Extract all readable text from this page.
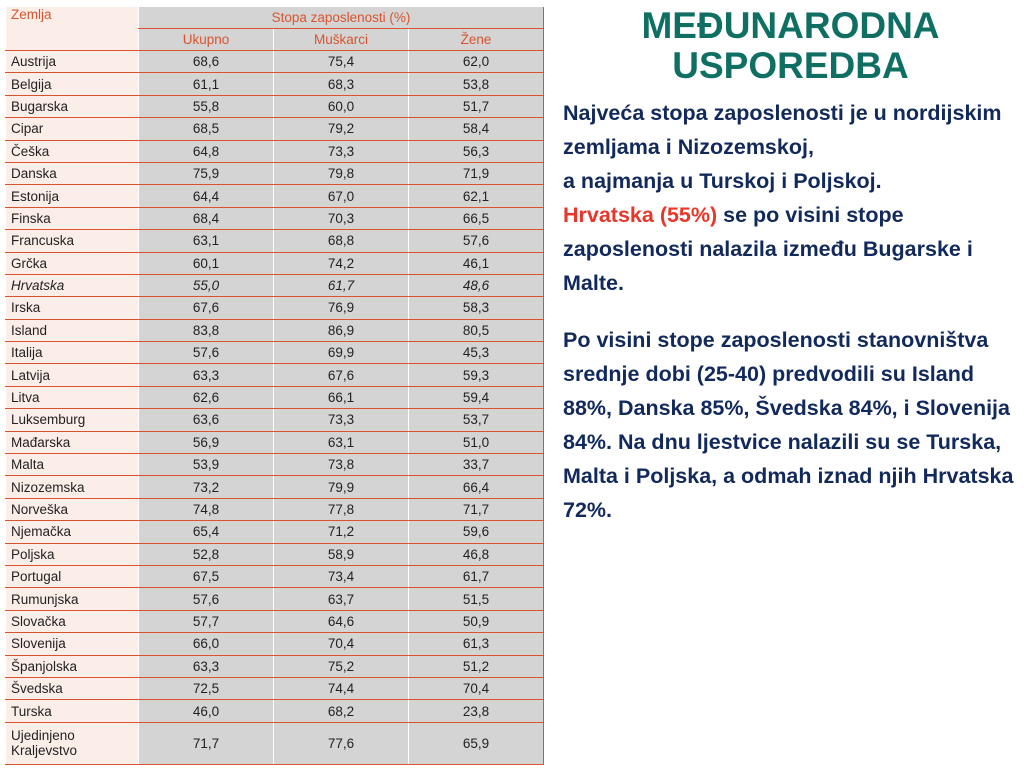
Zemlja	Stopa zaposlenosti (%)		
	Ukupno	Muškarci	Žene
Austrija	68,6	75,4	62,0
Belgija	61,1	68,3	53,8
Bugarska	55,8	60,0	51,7
Cipar	68,5	79,2	58,4
Češka	64,8	73,3	56,3
Danska	75,9	79,8	71,9
Estonija	64,4	67,0	62,1
Finska	68,4	70,3	66,5
Francuska	63,1	68,8	57,6
Grčka	60,1	74,2	46,1
Hrvatska	55,0	61,7	48,6
Irska	67,6	76,9	58,3
Island	83,8	86,9	80,5
Italija	57,6	69,9	45,3
Latvija	63,3	67,6	59,3
Litva	62,6	66,1	59,4
Luksemburg	63,6	73,3	53,7
Mađarska	56,9	63,1	51,0
Malta	53,9	73,8	33,7
Nizozemska	73,2	79,9	66,4
Norveška	74,8	77,8	71,7
Njemačka	65,4	71,2	59,6
Poljska	52,8	58,9	46,8
Portugal	67,5	73,4	61,7
Rumunjska	57,6	63,7	51,5
Slovačka	57,7	64,6	50,9
Slovenija	66,0	70,4	61,3
Španjolska	63,3	75,2	51,2
Švedska	72,5	74,4	70,4
Turska	46,0	68,2	23,8
Ujedinjeno
Kraljevstvo	71,7	77,6	65,9
MEĐUNARODNA USPOREDBA

Najveća stopa zaposlenosti je u nordijskim zemljama i Nizozemskoj,

a najmanja u Turskoj i Poljskoj.

Hrvatska (55%) se po visini stope zaposlenosti nalazila između Bugarske i Malte.

Po visini stope zaposlenosti stanovništva srednje dobi (25-40) predvodili su Island 88%, Danska 85%, Švedska 84%, i Slovenija 84%. Na dnu ljestvice nalazili su se Turska, Malta i Poljska, a odmah iznad njih Hrvatska 72%.
